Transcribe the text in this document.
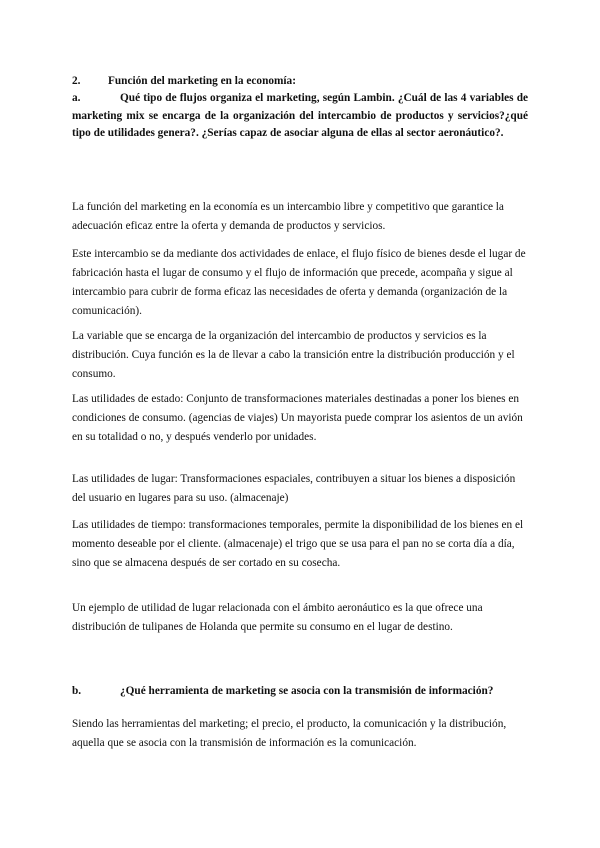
2. Función del marketing en la economía:
a.	Qué tipo de flujos organiza el marketing, según Lambin. ¿Cuál de las 4 variables de marketing mix se encarga de la organización del intercambio de productos y servicios?¿qué tipo de utilidades genera?. ¿Serías capaz de asociar alguna de ellas al sector aeronáutico?.
La función del marketing en la economía es un intercambio libre y competitivo que garantice la adecuación eficaz entre la oferta y demanda de productos y servicios.
Este intercambio se da mediante dos actividades de enlace, el flujo físico de bienes desde el lugar de fabricación hasta el lugar de consumo y el flujo de información que precede, acompaña y sigue al intercambio para cubrir de forma eficaz las necesidades de oferta y demanda (organización de la comunicación).
La variable que se encarga de la organización del intercambio de productos y servicios es la distribución. Cuya función es la de llevar a cabo la transición entre la distribución producción y el consumo.
Las utilidades de estado: Conjunto de transformaciones materiales destinadas a poner los bienes en condiciones de consumo. (agencias de viajes) Un mayorista puede comprar los asientos de un avión en su totalidad o no, y después venderlo por unidades.
Las utilidades de lugar: Transformaciones espaciales, contribuyen a situar los bienes a disposición del usuario en lugares para su uso. (almacenaje)
Las utilidades de tiempo: transformaciones temporales, permite la disponibilidad de los bienes en el momento deseable por el cliente. (almacenaje) el trigo que se usa para el pan no se corta día a día, sino que se almacena después de ser cortado en su cosecha.
Un ejemplo de utilidad de lugar relacionada con el ámbito aeronáutico es la que ofrece una distribución de tulipanes de Holanda que permite su consumo en el lugar de destino.
b.	¿Qué herramienta de marketing se asocia con la transmisión de información?
Siendo las herramientas del marketing; el precio, el producto, la comunicación y la distribución, aquella que se asocia con la transmisión de información es la comunicación.
